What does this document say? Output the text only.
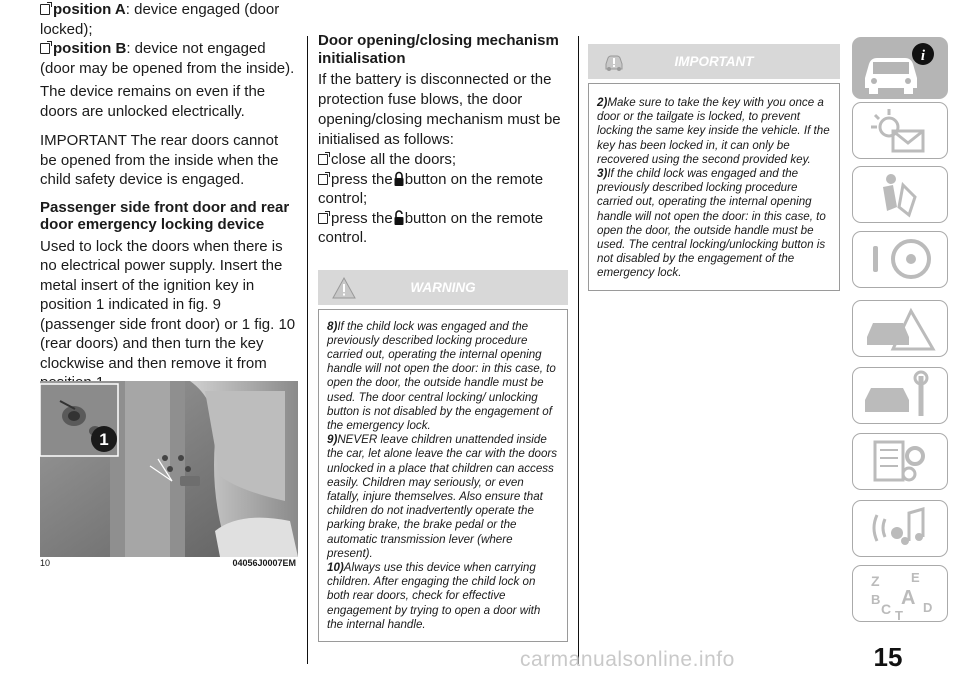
position A: device engaged (door locked);

position B: device not engaged (door may be opened from the inside).

The device remains on even if the doors are unlocked electrically.

IMPORTANT The rear doors cannot be opened from the inside when the child safety device is engaged.

Passenger side front door and rear door emergency locking device

Used to lock the doors when there is no electrical power supply. Insert the metal insert of the ignition key in position 1 indicated in fig. 9 (passenger side front door) or 1 fig. 10 (rear doors) and then turn the key clockwise and then remove it from

1
10	04056J0007EM
Door opening/closing mechanism initialisation

If the battery is disconnected or the protection fuse blows, the door opening/closing mechanism must be initialised as follows:

close all the doors;

press the button on the remote control;

press the button on the remote control.

WARNING
8)If the child lock was engaged and the previously described locking procedure carried out, operating the internal opening handle will not open the door: in this case, to open the door, the outside handle must be used. The door central locking/ unlocking button is not disabled by the engagement of the emergency lock.
9)NEVER leave children unattended inside the car, let alone leave the car with the doors unlocked in a place that children can access easily. Children may seriously, or even fatally, injure themselves. Also ensure that children do not inadvertently operate the parking brake, the brake pedal or the automatic transmission lever (where present).
10)Always use this device when carrying children. After engaging the child lock on both rear doors, check for effective engagement by trying to open a door with the internal handle.
IMPORTANT
2)Make sure to take the key with you once a door or the tailgate is locked, to prevent locking the same key inside the vehicle. If the key has been locked in, it can only be recovered using the second provided key.
3)If the child lock was engaged and the previously described locking procedure carried out, operating the internal opening handle will not open the door: in this case, to open the door, the outside handle must be used. The central locking/unlocking button is not disabled by the engagement of the emergency lock.
i
Z E
B A
C D
T
15
carmanualsonline.info
